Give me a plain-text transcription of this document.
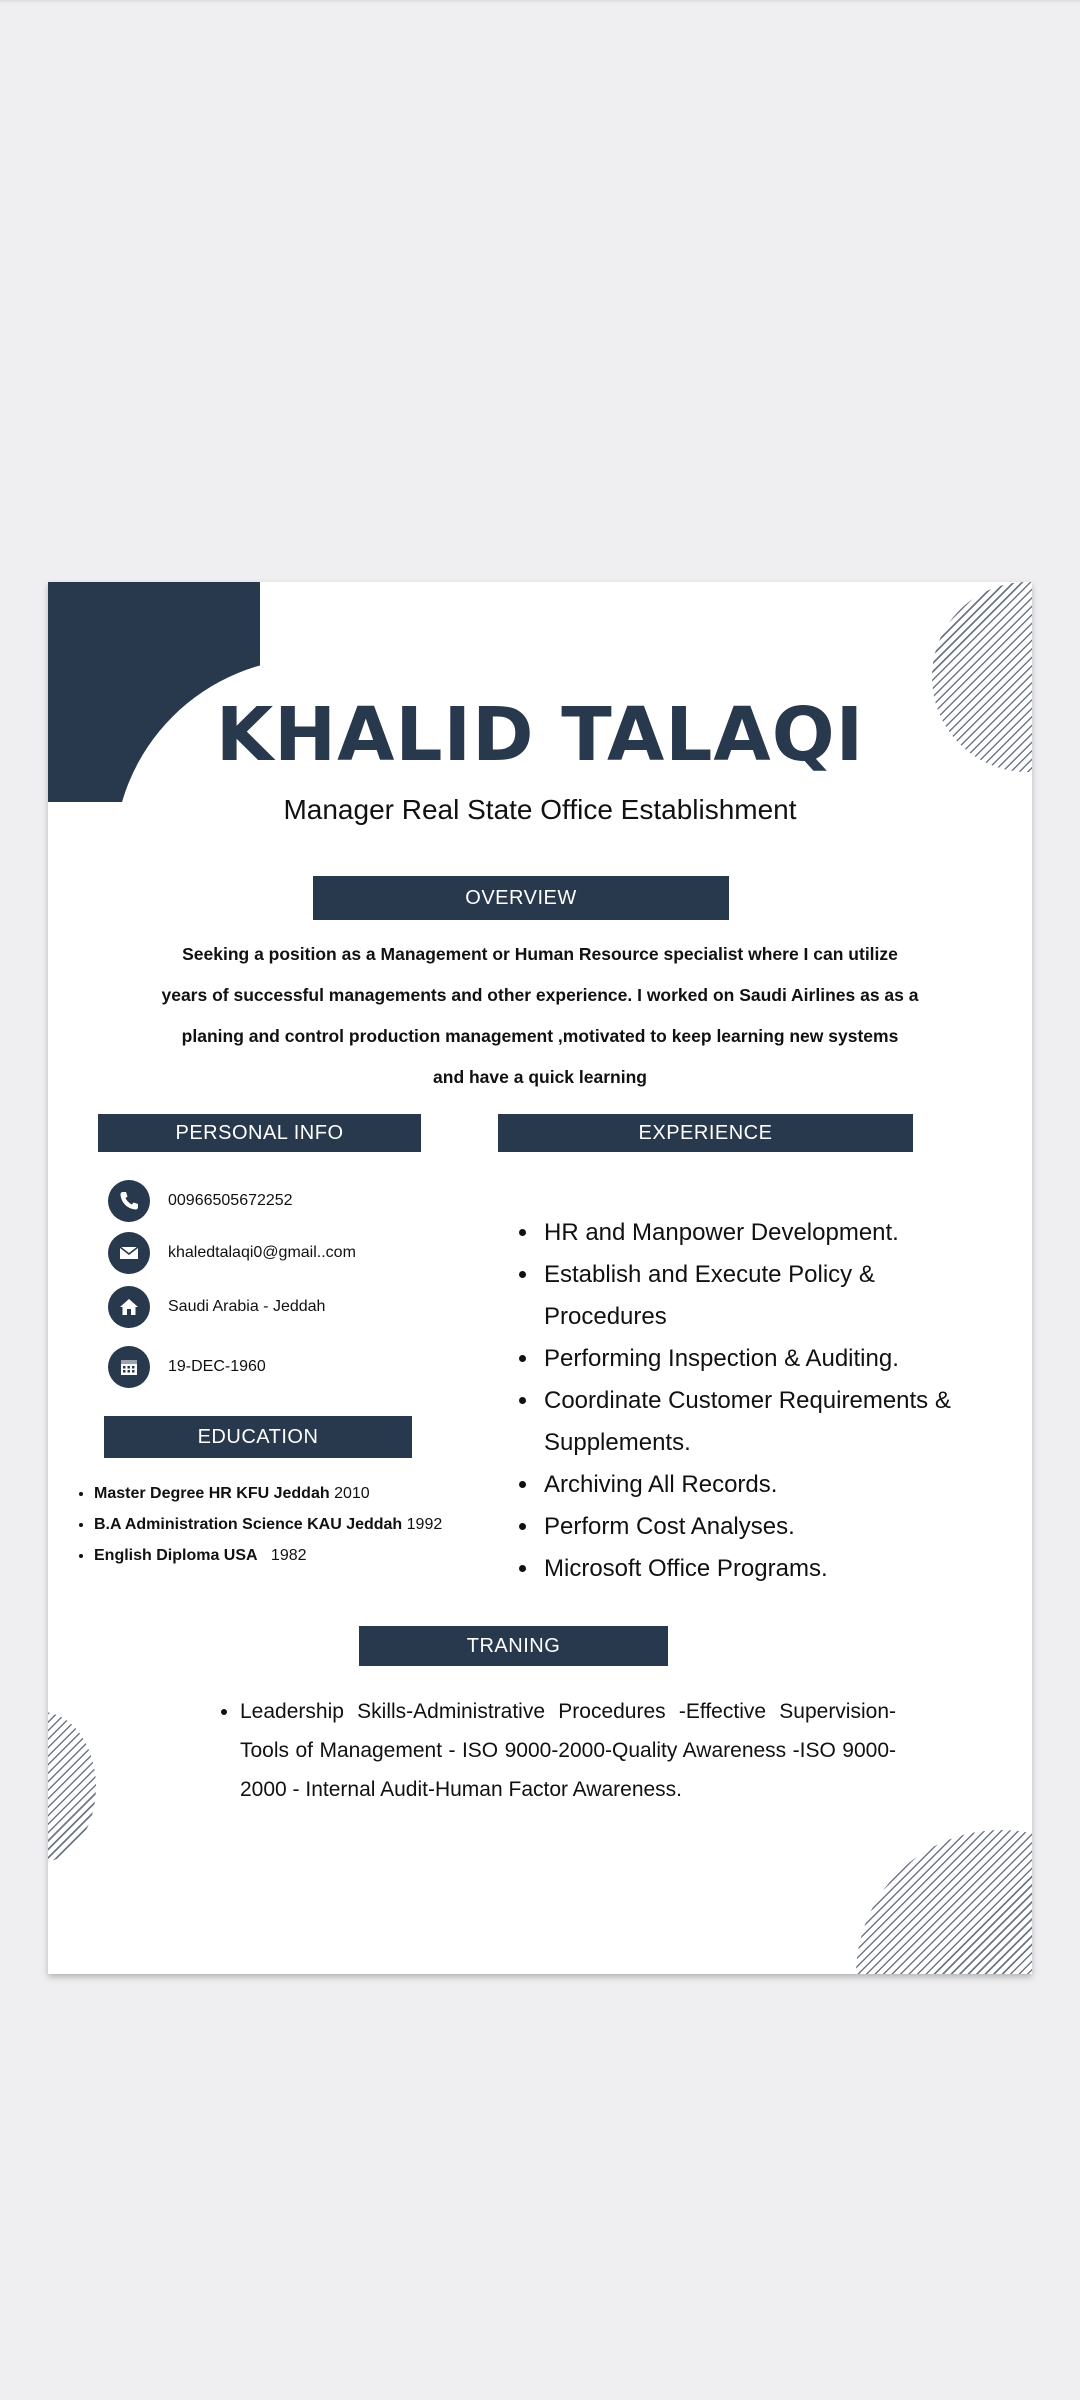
KHALID TALAQI
Manager Real State Office Establishment
OVERVIEW
Seeking a position as a Management or Human Resource specialist where I can utilize
years of successful managements and other experience. I worked on Saudi Airlines as as a
planing and control production management ,motivated to keep learning new systems
and have a quick learning
PERSONAL INFO	EXPERIENCE
00966505672252
khaledtalaqi0@gmail..com
Saudi Arabia - Jeddah
19-DEC-1960
EDUCATION
• Master Degree HR KFU Jeddah 2010
• B.A Administration Science KAU Jeddah 1992
• English Diploma USA 1982
• HR and Manpower Development.
• Establish and Execute Policy & Procedures
• Performing Inspection & Auditing.
• Coordinate Customer Requirements & Supplements.
• Archiving All Records.
• Perform Cost Analyses.
• Microsoft Office Programs.
TRANING
• Leadership Skills-Administrative Procedures -Effective Supervision-Tools of Management - ISO 9000-2000-Quality Awareness -ISO 9000-2000 - Internal Audit-Human Factor Awareness.
